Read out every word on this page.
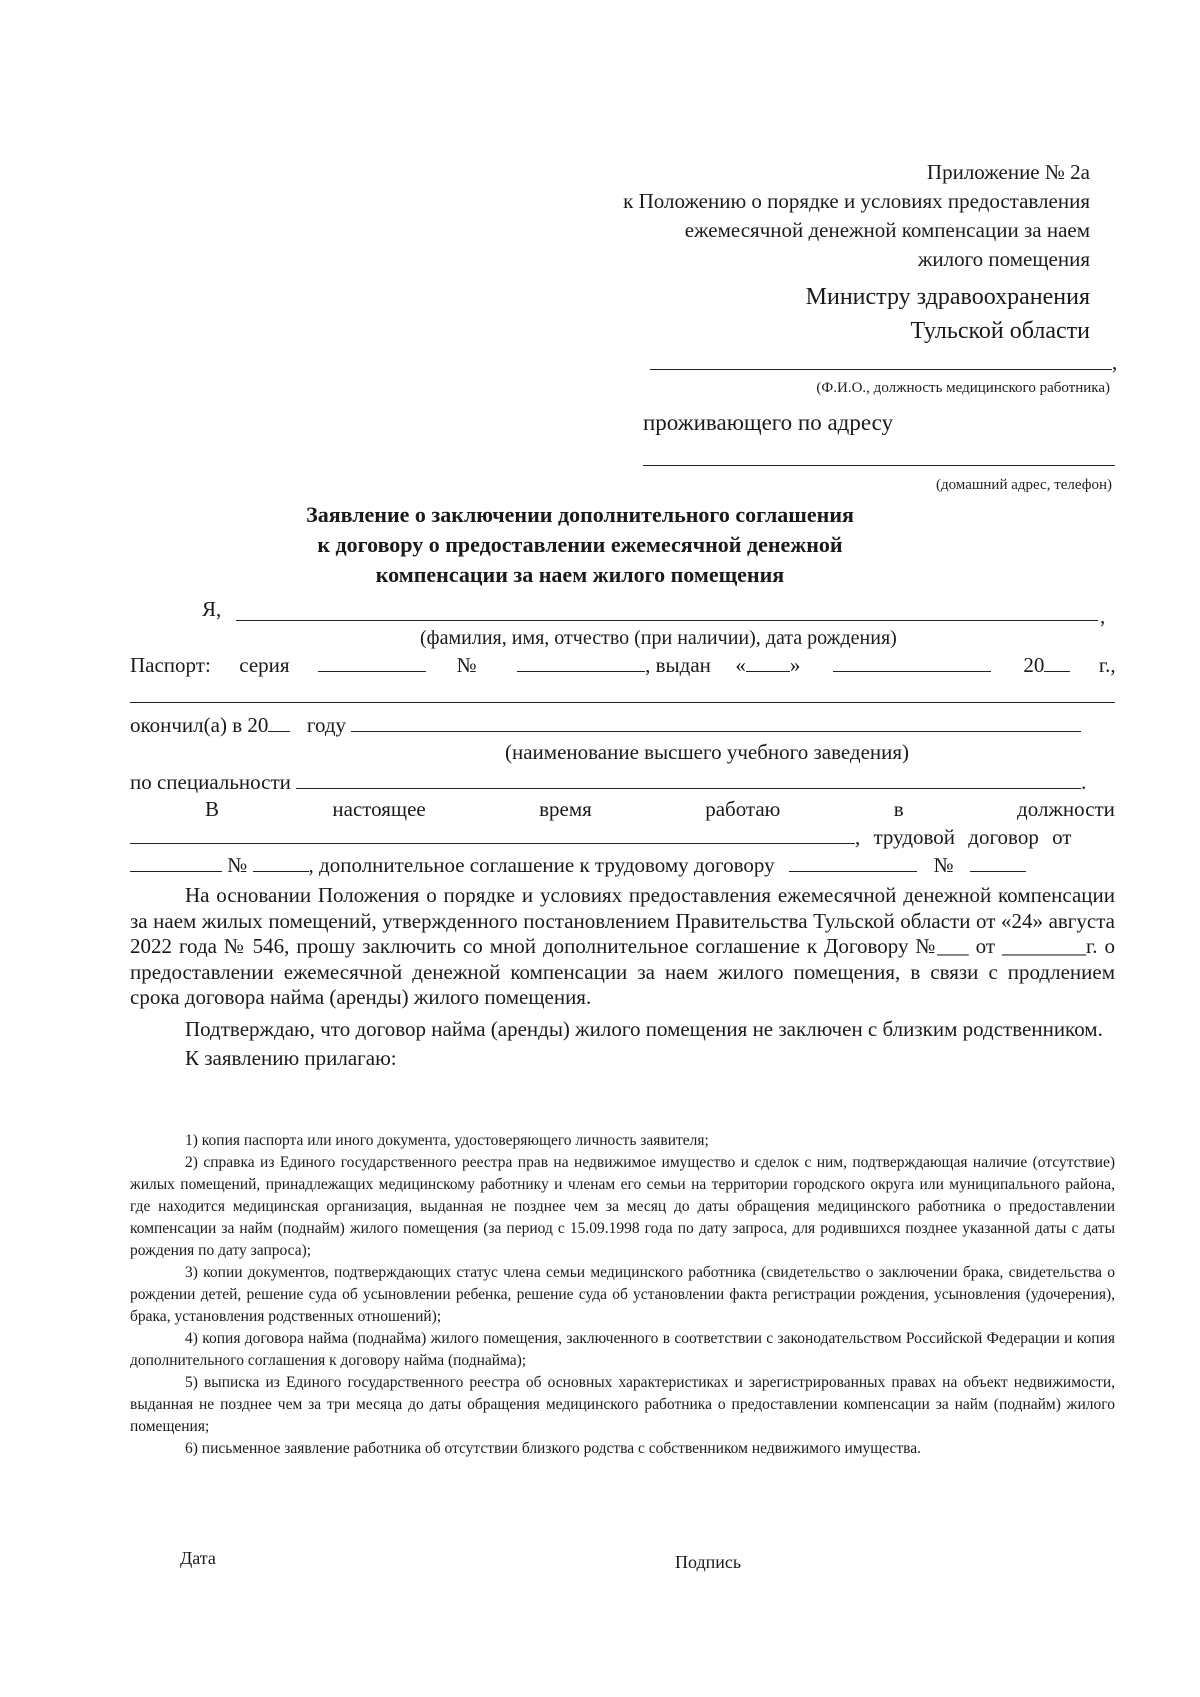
Приложение № 2а
к Положению о порядке и условиях предоставления
ежемесячной денежной компенсации за наем
жилого помещения
Министру здравоохранения
Тульской области
,
(Ф.И.О., должность медицинского работника)
проживающего по адресу
(домашний адрес, телефон)
Заявление о заключении дополнительного соглашения
к договору о предоставлении ежемесячной денежной
компенсации за наем жилого помещения
Я,	,
(фамилия, имя, отчество (при наличии), дата рождения)
Паспорт: серия	№	, выдан « »	20	г.,
окончил(а) в 20 году
(наименование высшего учебного заведения)
по специальности	.
В	настоящее	время	работаю	в	должности
, трудовой договор от
№	, дополнительное соглашение к трудовому договору	№

На основании Положения о порядке и условиях предоставления ежемесячной денежной компенсации за наем жилых помещений, утвержденного постановлением Правительства Тульской области от «24» августа 2022 года № 546, прошу заключить со мной дополнительное соглашение к Договору №___ от ________г. о предоставлении ежемесячной денежной компенсации за наем жилого помещения, в связи с продлением срока договора найма (аренды) жилого помещения.

Подтверждаю, что договор найма (аренды) жилого помещения не заключен с близким родственником.

К заявлению прилагаю:

1) копия паспорта или иного документа, удостоверяющего личность заявителя;

2) справка из Единого государственного реестра прав на недвижимое имущество и сделок с ним, подтверждающая наличие (отсутствие) жилых помещений, принадлежащих медицинскому работнику и членам его семьи на территории городского округа или муниципального района, где находится медицинская организация, выданная не позднее чем за месяц до даты обращения медицинского работника о предоставлении компенсации за найм (поднайм) жилого помещения (за период с 15.09.1998 года по дату запроса, для родившихся позднее указанной даты с даты рождения по дату запроса);

3) копии документов, подтверждающих статус члена семьи медицинского работника (свидетельство о заключении брака, свидетельства о рождении детей, решение суда об усыновлении ребенка, решение суда об установлении факта регистрации рождения, усыновления (удочерения), брака, установления родственных отношений);

4) копия договора найма (поднайма) жилого помещения, заключенного в соответствии с законодательством Российской Федерации и копия дополнительного соглашения к договору найма (поднайма);

5) выписка из Единого государственного реестра об основных характеристиках и зарегистрированных правах на объект недвижимости, выданная не позднее чем за три месяца до даты обращения медицинского работника о предоставлении компенсации за найм (поднайм) жилого помещения;

6) письменное заявление работника об отсутствии близкого родства с собственником недвижимого имущества.

Дата	Подпись
